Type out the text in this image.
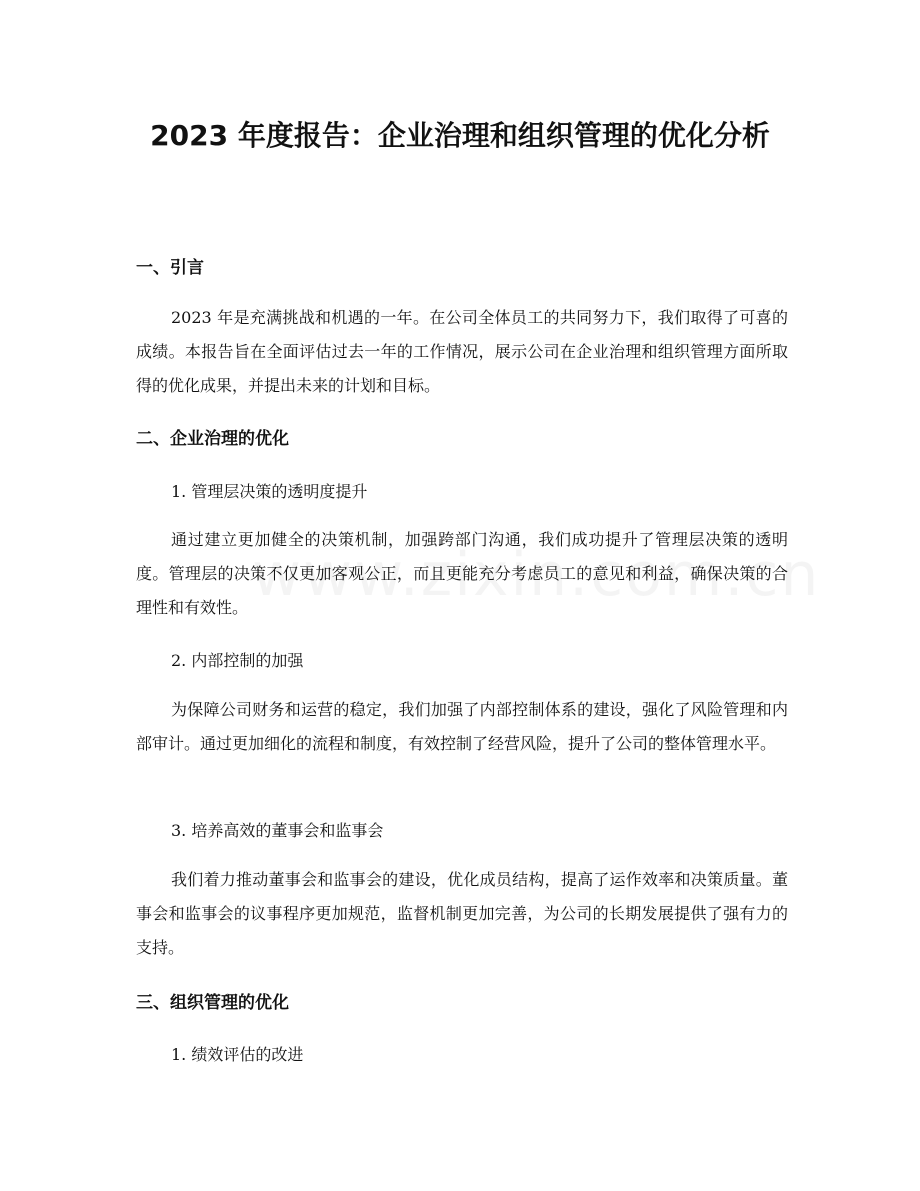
2023 年度报告：企业治理和组织管理的优化分析
一、引言
2023 年是充满挑战和机遇的一年。在公司全体员工的共同努力下，我们取得了可喜的成绩。本报告旨在全面评估过去一年的工作情况，展示公司在企业治理和组织管理方面所取得的优化成果，并提出未来的计划和目标。
二、企业治理的优化
1. 管理层决策的透明度提升
通过建立更加健全的决策机制，加强跨部门沟通，我们成功提升了管理层决策的透明度。管理层的决策不仅更加客观公正，而且更能充分考虑员工的意见和利益，确保决策的合理性和有效性。
2. 内部控制的加强
为保障公司财务和运营的稳定，我们加强了内部控制体系的建设，强化了风险管理和内部审计。通过更加细化的流程和制度，有效控制了经营风险，提升了公司的整体管理水平。
3. 培养高效的董事会和监事会
我们着力推动董事会和监事会的建设，优化成员结构，提高了运作效率和决策质量。董事会和监事会的议事程序更加规范，监督机制更加完善，为公司的长期发展提供了强有力的支持。
三、组织管理的优化
1. 绩效评估的改进
